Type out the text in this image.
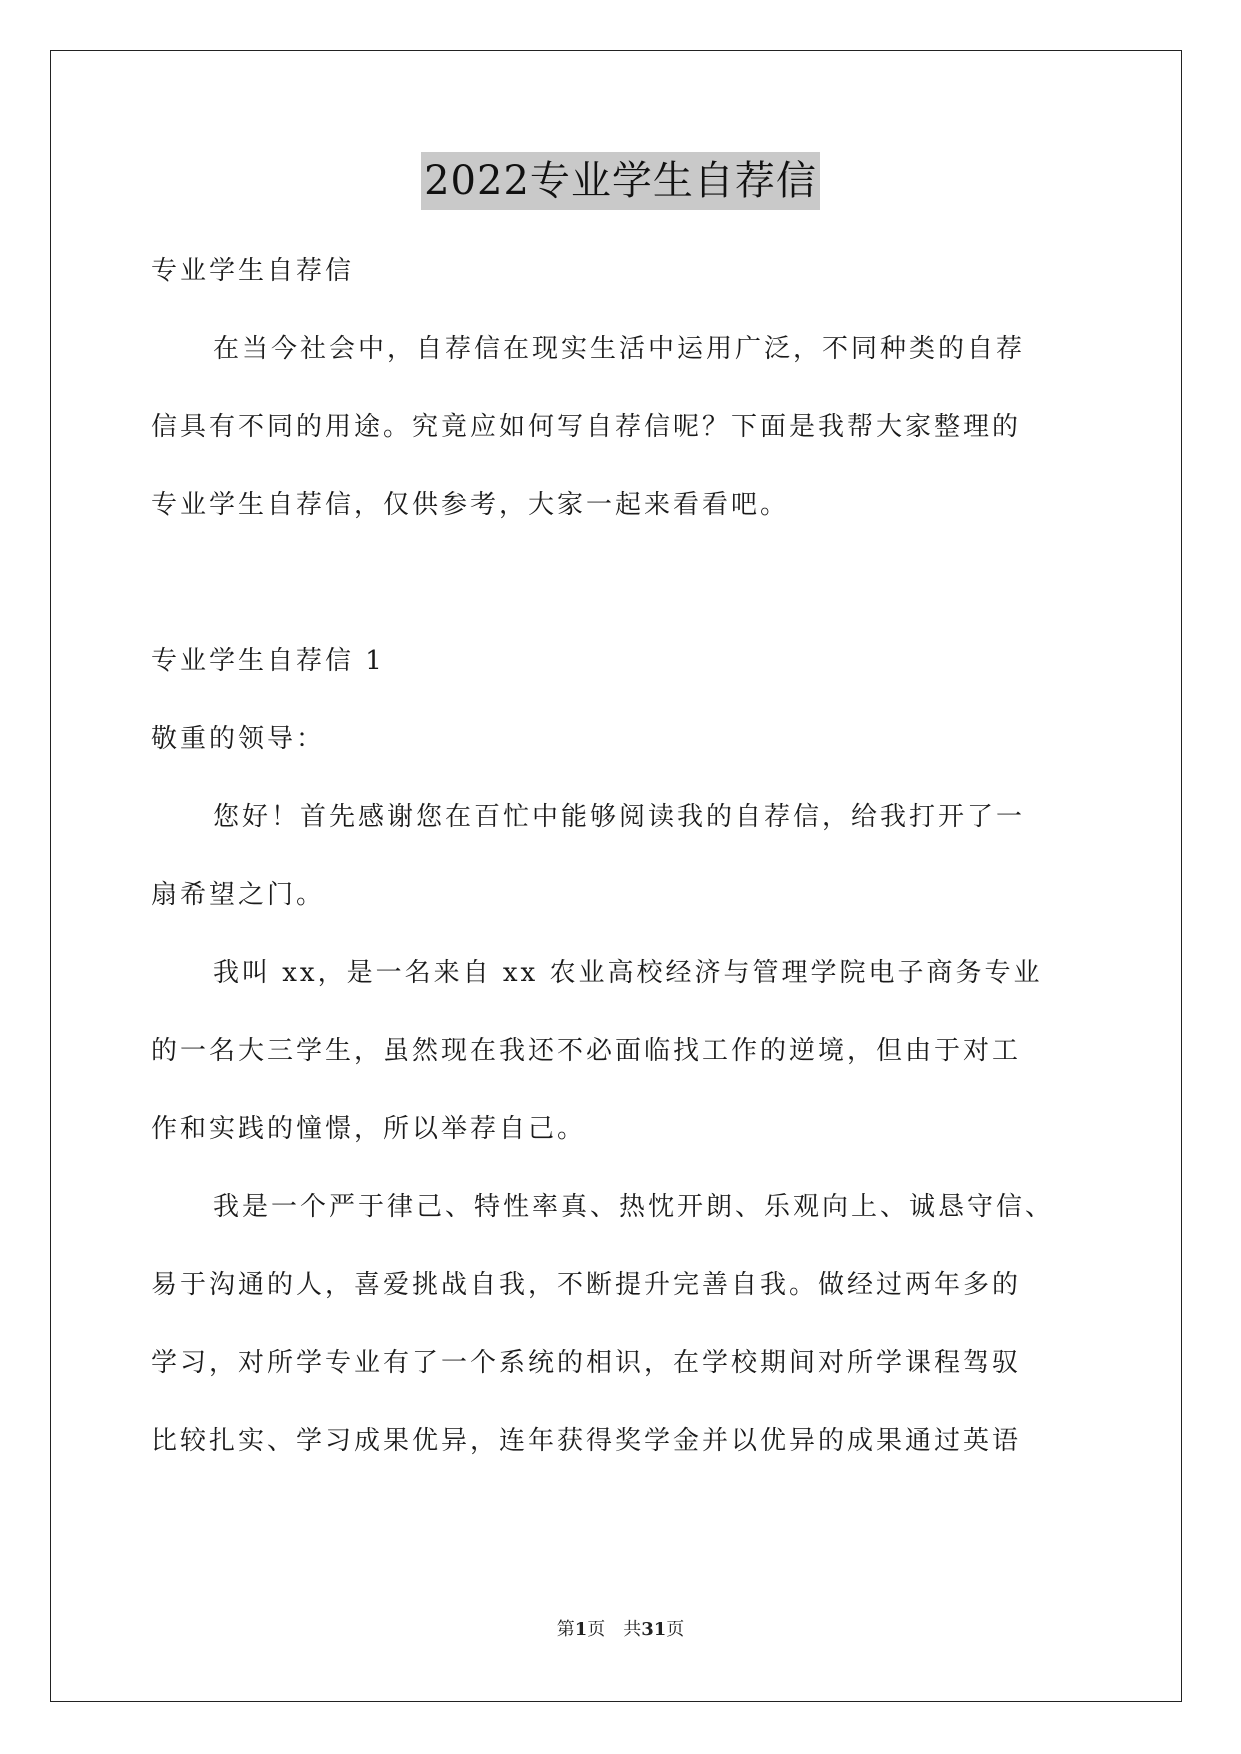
2022专业学生自荐信
专业学生自荐信
在当今社会中，自荐信在现实生活中运用广泛，不同种类的自荐
信具有不同的用途。究竟应如何写自荐信呢？下面是我帮大家整理的
专业学生自荐信，仅供参考，大家一起来看看吧。
专业学生自荐信 1
敬重的领导：
您好！首先感谢您在百忙中能够阅读我的自荐信，给我打开了一
扇希望之门。
我叫 xx，是一名来自 xx 农业高校经济与管理学院电子商务专业
的一名大三学生，虽然现在我还不必面临找工作的逆境，但由于对工
作和实践的憧憬，所以举荐自己。
我是一个严于律己、特性率真、热忱开朗、乐观向上、诚恳守信、
易于沟通的人，喜爱挑战自我，不断提升完善自我。做经过两年多的
学习，对所学专业有了一个系统的相识，在学校期间对所学课程驾驭
比较扎实、学习成果优异，连年获得奖学金并以优异的成果通过英语
第1页　共31页
